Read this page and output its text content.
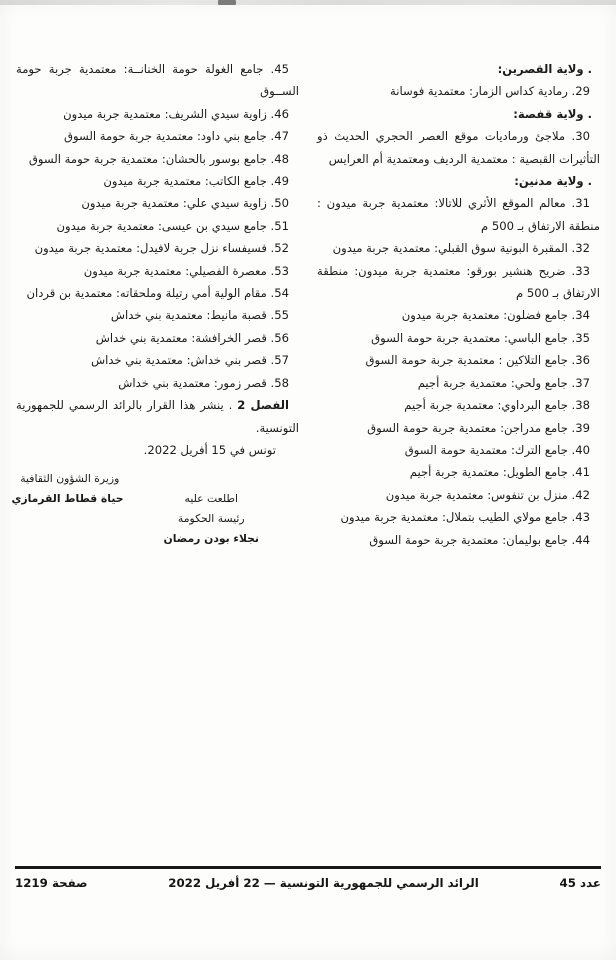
. ولاية القصرين:

29. رمادية كداس الزمار: معتمدية فوسانة

. ولاية قفصة:

30. ملاجئ ورماديات موقع العصر الحجري الحديث ذو التأثيرات القبصية : معتمدية الرديف ومعتمدية أم العرايس

. ولاية مدنين:

31. معالم الموقع الأثري للاتالا: معتمدية جربة ميدون : منطقة الارتفاق بـ 500 م

32. المقبرة البونية سوق القبلي: معتمدية جربة ميدون

33. ضريح هنشير بورقو: معتمدية جربة ميدون: منطقة الارتفاق بـ 500 م

34. جامع فضلون: معتمدية جربة ميدون

35. جامع الباسي: معتمدية جربة حومة السوق

36. جامع التلاكين : معتمدية جربة حومة السوق

37. جامع ولحي: معتمدية جربة أجيم

38. جامع البرداوي: معتمدية جربة أجيم

39. جامع مدراجن: معتمدية جربة حومة السوق

40. جامع الترك: معتمدية حومة السوق

41. جامع الطويل: معتمدية جربة أجيم

42. منزل بن تنفوس: معتمدية جربة ميدون

43. جامع مولاي الطيب بتملال: معتمدية جربة ميدون

44. جامع بوليمان: معتمدية جربة حومة السوق

45. جامع الغولة حومة الخنانــة: معتمدية جربة حومة الســوق

46. زاوية سيدي الشريف: معتمدية جربة ميدون

47. جامع بني داود: معتمدية جربة حومة السوق

48. جامع بوسور بالحشان: معتمدية جربة حومة السوق

49. جامع الكاتب: معتمدية جربة ميدون

50. زاوية سيدي علي: معتمدية جربة ميدون

51. جامع سيدي بن عيسى: معتمدية جربة ميدون

52. فسيفساء نزل جربة لافيدل: معتمدية جربة ميدون

53. معصرة الفصيلي: معتمدية جربة ميدون

54. مقام الولية أمي رتيلة وملحقاته: معتمدية بن قردان

55. قصبة مانيط: معتمدية بني خداش

56. قصر الخرافشة: معتمدية بني خداش

57. قصر بني خداش: معتمدية بني خداش

58. قصر زمور: معتمدية بني خداش

الفصل 2 . ينشر هذا القرار بالرائد الرسمي للجمهورية التونسية.

تونس في 15 أفريل 2022.

اطلعت عليه

رئيسة الحكومة

نجلاء بودن رمضان

وزيرة الشؤون الثقافية

حياة قطاط القرمازي

عدد 45

الرائد الرسمي للجمهورية التونسية — 22 أفريل 2022

صفحة 1219
